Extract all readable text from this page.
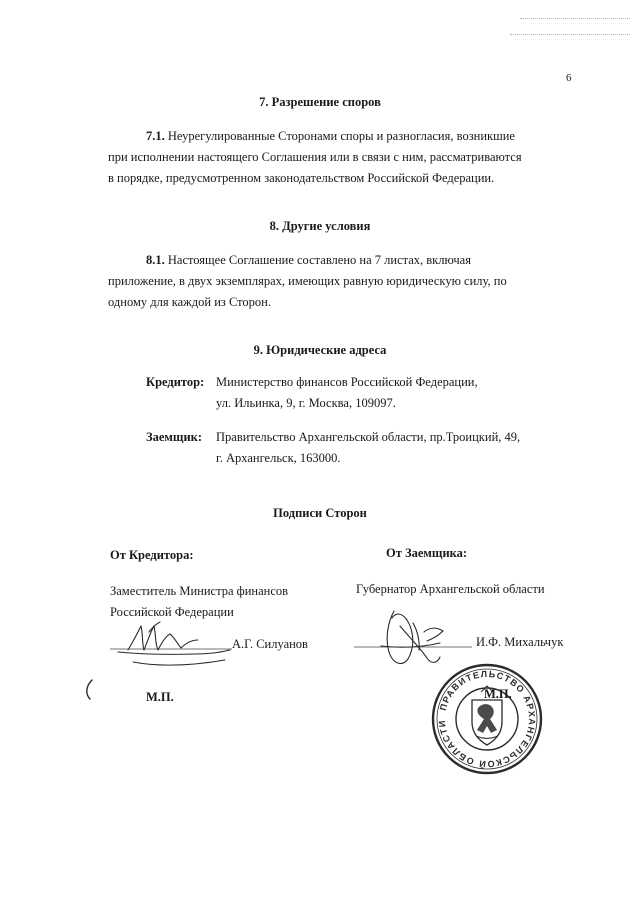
6
7. Разрешение споров
7.1. Неурегулированные Сторонами споры и разногласия, возникшие
при исполнении настоящего Соглашения или в связи с ним, рассматриваются
в порядке, предусмотренном законодательством Российской Федерации.
8. Другие условия
8.1. Настоящее Соглашение составлено на 7 листах, включая
приложение, в двух экземплярах, имеющих равную юридическую силу, по
одному для каждой из Сторон.
9. Юридические адреса
Кредитор: Министерство финансов Российской Федерации,
ул. Ильинка, 9, г. Москва, 109097.
Заемщик: Правительство Архангельской области, пр.Троицкий, 49,
г. Архангельск, 163000.
Подписи Сторон
От Кредитора:	От Заемщика:
Заместитель Министра финансов
Российской Федерации
Губернатор Архангельской области
А.Г. Силуанов	И.Ф. Михальчук
М.П.
ПРАВИТЕЛЬСТВО АРХАНГЕЛЬСКОЙ ОБЛАСТИ
М.П.
